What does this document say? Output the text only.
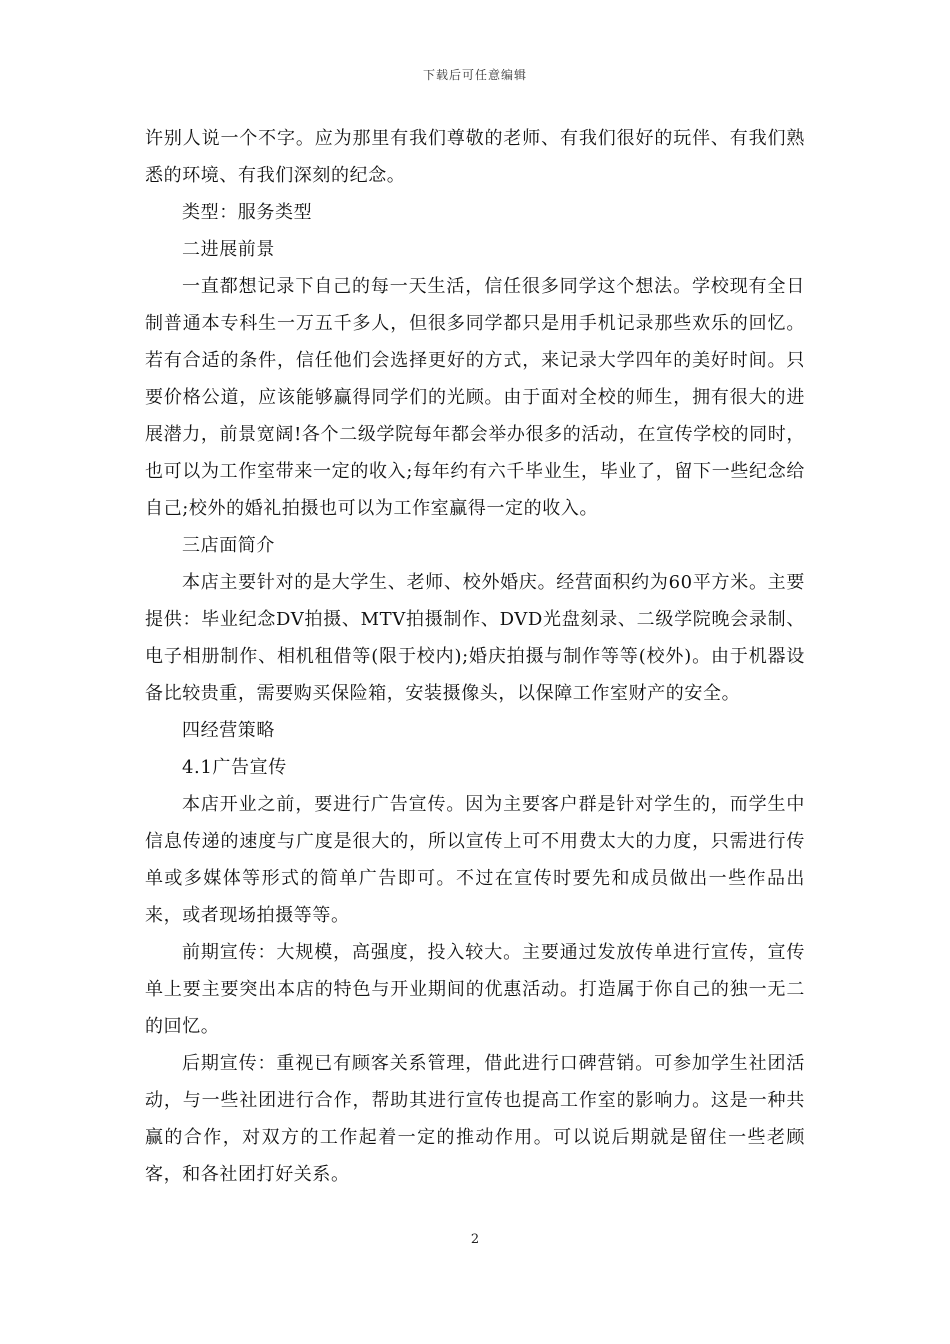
下载后可任意编辑

许别人说一个不字。应为那里有我们尊敬的老师、有我们很好的玩伴、有我们熟悉的环境、有我们深刻的纪念。

类型：服务类型

二进展前景

一直都想记录下自己的每一天生活，信任很多同学这个想法。学校现有全日制普通本专科生一万五千多人，但很多同学都只是用手机记录那些欢乐的回忆。若有合适的条件，信任他们会选择更好的方式，来记录大学四年的美好时间。只要价格公道，应该能够赢得同学们的光顾。由于面对全校的师生，拥有很大的进展潜力，前景宽阔!各个二级学院每年都会举办很多的活动，在宣传学校的同时，也可以为工作室带来一定的收入;每年约有六千毕业生，毕业了，留下一些纪念给自己;校外的婚礼拍摄也可以为工作室赢得一定的收入。

三店面简介

本店主要针对的是大学生、老师、校外婚庆。经营面积约为60平方米。主要提供：毕业纪念DV拍摄、MTV拍摄制作、DVD光盘刻录、二级学院晚会录制、电子相册制作、相机租借等(限于校内);婚庆拍摄与制作等等(校外)。由于机器设备比较贵重，需要购买保险箱，安装摄像头，以保障工作室财产的安全。

四经营策略

4.1广告宣传

本店开业之前，要进行广告宣传。因为主要客户群是针对学生的，而学生中信息传递的速度与广度是很大的，所以宣传上可不用费太大的力度，只需进行传单或多媒体等形式的简单广告即可。不过在宣传时要先和成员做出一些作品出来，或者现场拍摄等等。

前期宣传：大规模，高强度，投入较大。主要通过发放传单进行宣传，宣传单上要主要突出本店的特色与开业期间的优惠活动。打造属于你自己的独一无二的回忆。

后期宣传：重视已有顾客关系管理，借此进行口碑营销。可参加学生社团活动，与一些社团进行合作，帮助其进行宣传也提高工作室的影响力。这是一种共赢的合作，对双方的工作起着一定的推动作用。可以说后期就是留住一些老顾客，和各社团打好关系。

2
